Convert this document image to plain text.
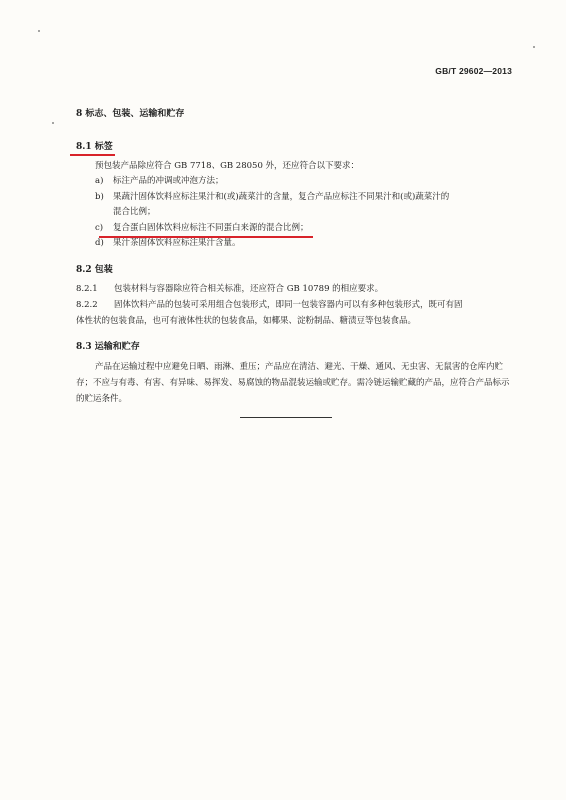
GB/T 29602—2013
8 标志、包装、运输和贮存
8.1 标签
预包装产品除应符合 GB 7718、GB 28050 外，还应符合以下要求：
a)	标注产品的冲调或冲泡方法；
b)	果蔬汁固体饮料应标注果汁和(或)蔬菜汁的含量，复合产品应标注不同果汁和(或)蔬菜汁的
混合比例；
c)	复合蛋白固体饮料应标注不同蛋白来源的混合比例；
d)	果汁茶固体饮料应标注果汁含量。
8.2 包装
8.2.1	包装材料与容器除应符合相关标准，还应符合 GB 10789 的相应要求。
8.2.2	固体饮料产品的包装可采用组合包装形式，即同一包装容器内可以有多种包装形式，既可有固
体性状的包装食品，也可有液体性状的包装食品，如椰果、淀粉制品、糖渍豆等包装食品。
8.3 运输和贮存
产品在运输过程中应避免日晒、雨淋、重压；产品应在清洁、避光、干燥、通风、无虫害、无鼠害的仓库内贮存；不应与有毒、有害、有异味、易挥发、易腐蚀的物品混装运输或贮存。需冷链运输贮藏的产品，应符合产品标示的贮运条件。
